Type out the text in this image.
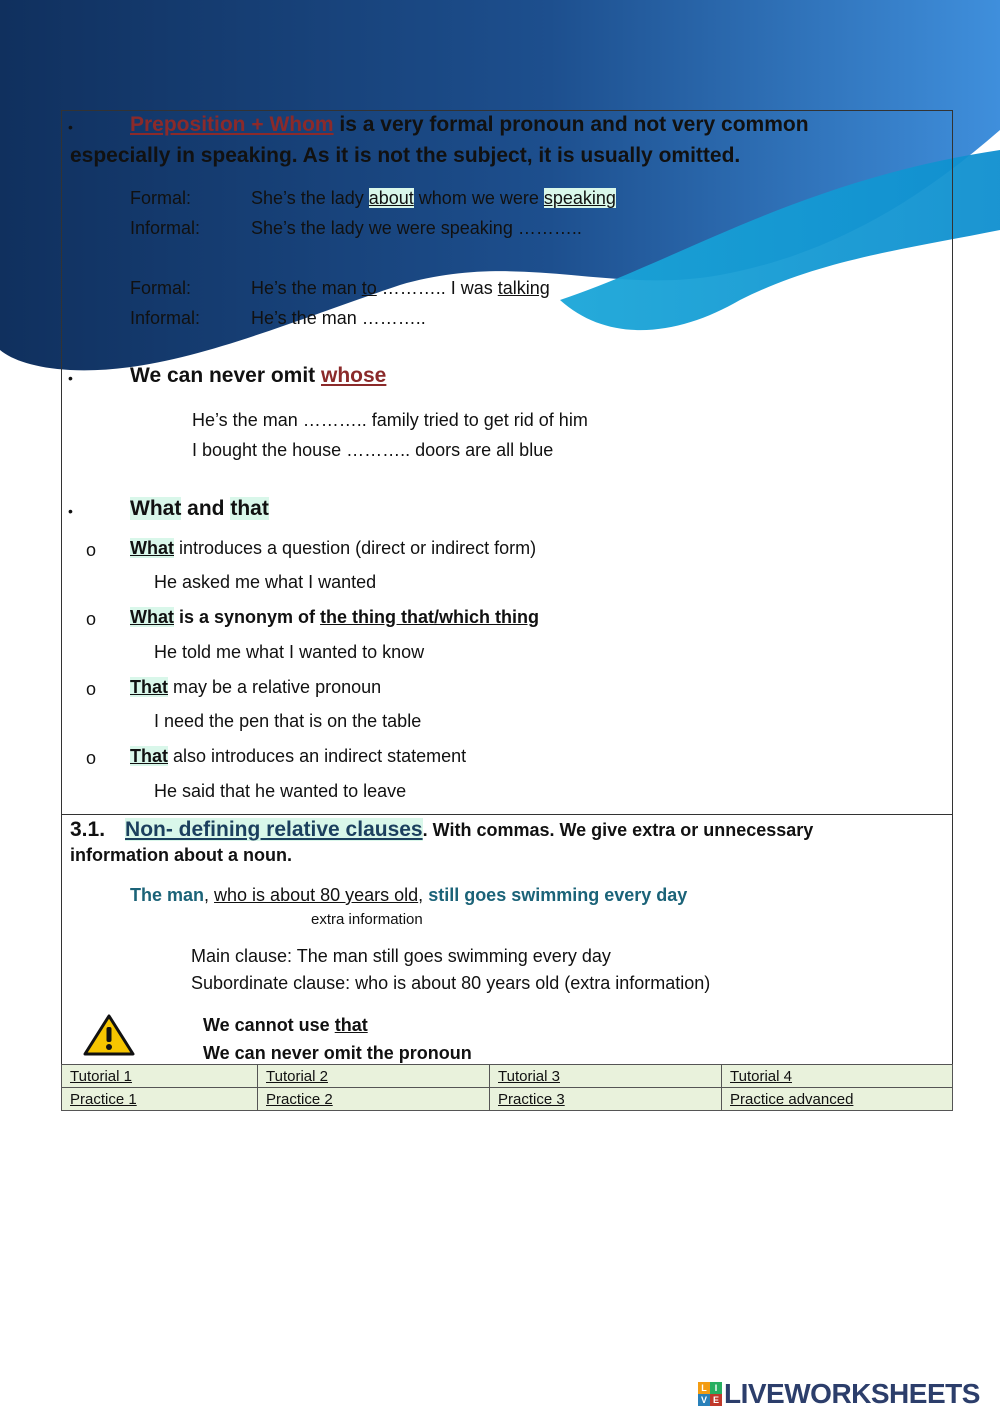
•	Preposition + Whom is a very formal pronoun and not very common
especially in speaking. As it is not the subject, it is usually omitted.
Formal:	She’s the lady about whom we were speaking
Informal:	She’s the lady we were speaking ………..
Formal:	He’s the man to ……….. I was talking
Informal:	He’s the man ………..
•	We can never omit whose
He’s the man ……….. family tried to get rid of him
I bought the house ……….. doors are all blue
•	What and that
o What introduces a question (direct or indirect form)
He asked me what I wanted
o What is a synonym of the thing that/which thing
He told me what I wanted to know
o That may be a relative pronoun
I need the pen that is on the table
o That also introduces an indirect statement
He said that he wanted to leave
3.1. Non- defining relative clauses. With commas. We give extra or unnecessary
information about a noun.
The man, who is about 80 years old, still goes swimming every day
extra information
Main clause: The man still goes swimming every day
Subordinate clause: who is about 80 years old (extra information)
We cannot use that
We can never omit the pronoun
Tutorial 1	Tutorial 2	Tutorial 3	Tutorial 4
Practice 1	Practice 2	Practice 3	Practice advanced
L I
V E LIVEWORKSHEETS
